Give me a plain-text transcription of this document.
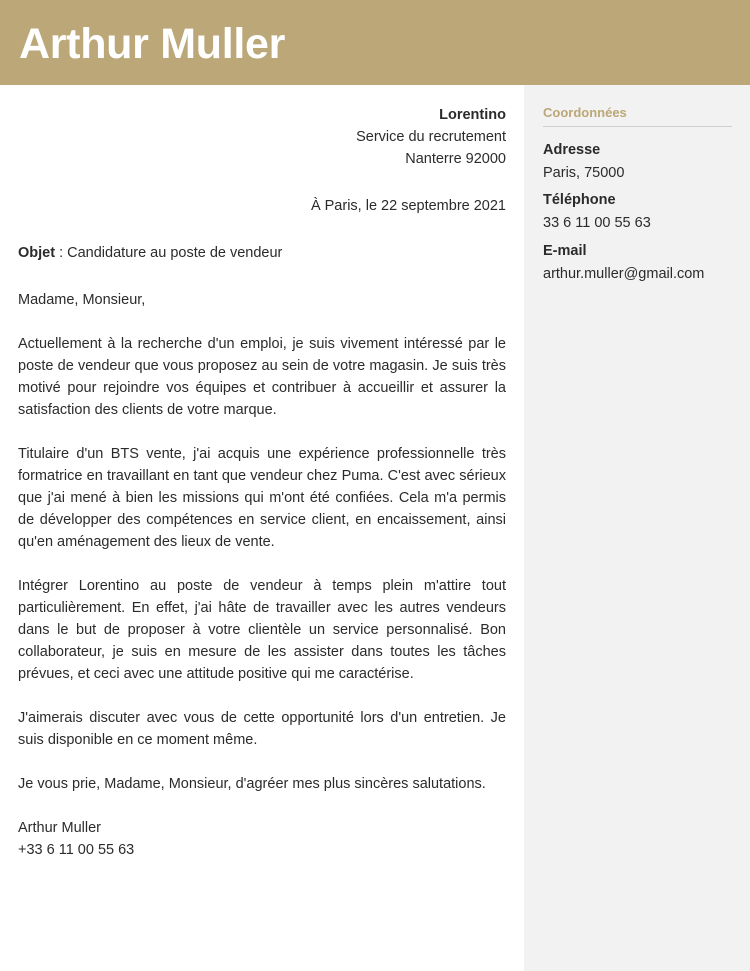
Arthur Muller
Coordonnées
Adresse
Paris, 75000
Téléphone
33 6 11 00 55 63
E-mail
arthur.muller@gmail.com
Lorentino
Service du recrutement
Nanterre 92000
À Paris, le 22 septembre 2021
Objet : Candidature au poste de vendeur
Madame, Monsieur,

Actuellement à la recherche d'un emploi, je suis vivement intéressé par le poste de vendeur que vous proposez au sein de votre magasin. Je suis très motivé pour rejoindre vos équipes et contribuer à accueillir et assurer la satisfaction des clients de votre marque.

Titulaire d'un BTS vente, j'ai acquis une expérience professionnelle très formatrice en travaillant en tant que vendeur chez Puma. C'est avec sérieux que j'ai mené à bien les missions qui m'ont été confiées. Cela m'a permis de développer des compétences en service client, en encaissement, ainsi qu'en aménagement des lieux de vente.

Intégrer Lorentino au poste de vendeur à temps plein m'attire tout particulièrement. En effet, j'ai hâte de travailler avec les autres vendeurs dans le but de proposer à votre clientèle un service personnalisé. Bon collaborateur, je suis en mesure de les assister dans toutes les tâches prévues, et ceci avec une attitude positive qui me caractérise.

J'aimerais discuter avec vous de cette opportunité lors d'un entretien. Je suis disponible en ce moment même.

Je vous prie, Madame, Monsieur, d'agréer mes plus sincères salutations.

Arthur Muller
+33 6 11 00 55 63
